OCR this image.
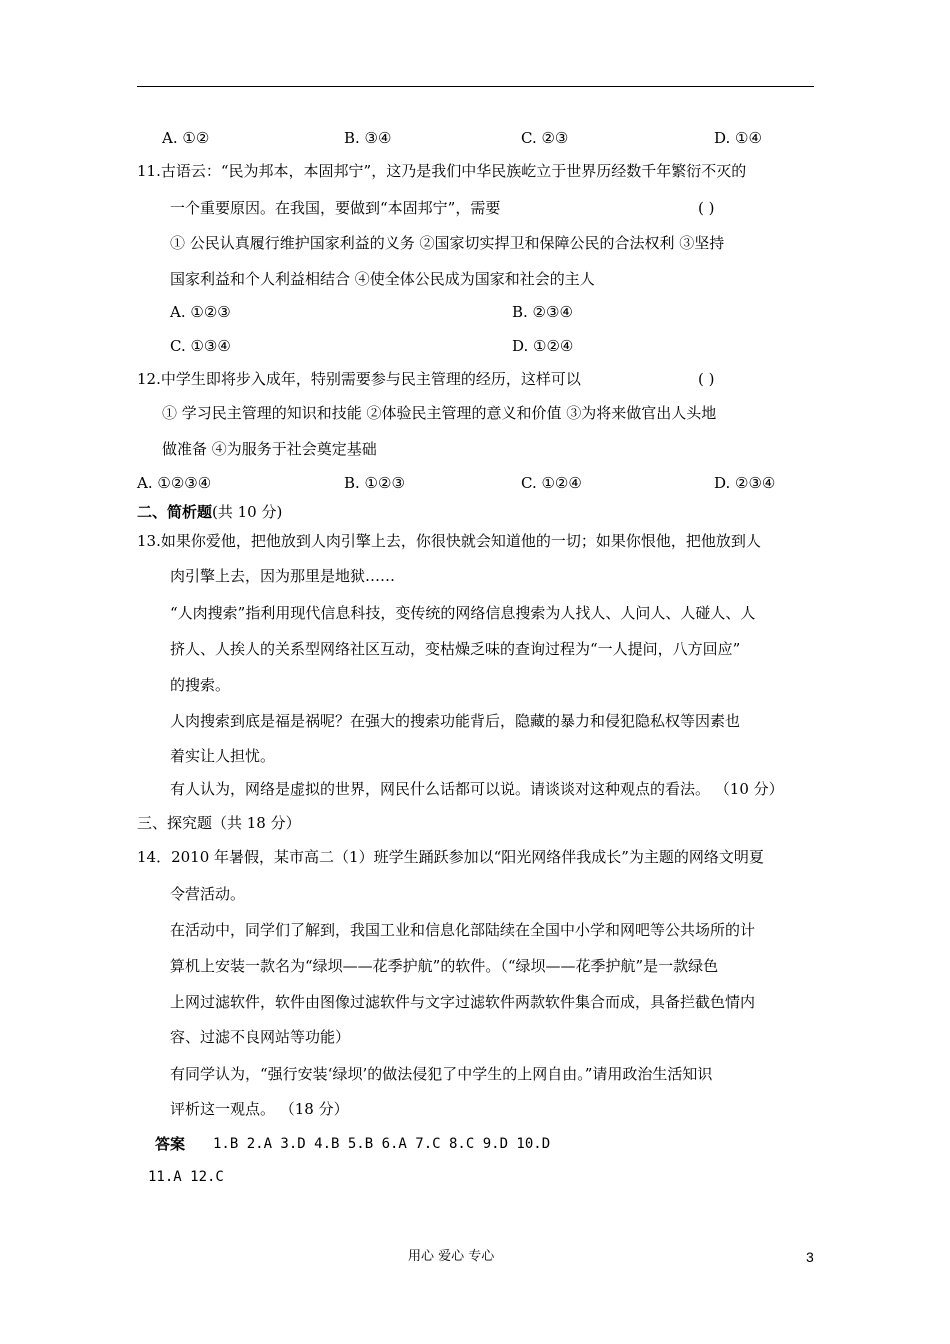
A. ①②	B. ③④	C. ②③	D. ①④
11.古语云：“民为邦本，本固邦宁”，这乃是我们中华民族屹立于世界历经数千年繁衍不灭的
一个重要原因。在我国，要做到“本固邦宁”，需要	( )
① 公民认真履行维护国家利益的义务 ②国家切实捍卫和保障公民的合法权利 ③坚持
国家利益和个人利益相结合 ④使全体公民成为国家和社会的主人
A. ①②③	B. ②③④
C. ①③④	D. ①②④
12.中学生即将步入成年，特别需要参与民主管理的经历，这样可以	( )
① 学习民主管理的知识和技能 ②体验民主管理的意义和价值 ③为将来做官出人头地
做准备 ④为服务于社会奠定基础
A. ①②③④	B. ①②③	C. ①②④	D. ②③④
二、简析题(共 10 分)
13.如果你爱他，把他放到人肉引擎上去，你很快就会知道他的一切；如果你恨他，把他放到人
肉引擎上去，因为那里是地狱……
“人肉搜索”指利用现代信息科技，变传统的网络信息搜索为人找人、人问人、人碰人、人
挤人、人挨人的关系型网络社区互动，变枯燥乏味的查询过程为“一人提问，八方回应”
的搜索。
人肉搜索到底是福是祸呢？在强大的搜索功能背后，隐藏的暴力和侵犯隐私权等因素也
着实让人担忧。
有人认为，网络是虚拟的世界，网民什么话都可以说。请谈谈对这种观点的看法。 （10 分）
三、探究题（共 18 分）
14．2010 年暑假，某市高二（1）班学生踊跃参加以“阳光网络伴我成长”为主题的网络文明夏
令营活动。
在活动中，同学们了解到，我国工业和信息化部陆续在全国中小学和网吧等公共场所的计
算机上安装一款名为“绿坝——花季护航”的软件。（“绿坝——花季护航”是一款绿色
上网过滤软件，软件由图像过滤软件与文字过滤软件两款软件集合而成，具备拦截色情内
容、过滤不良网站等功能）
有同学认为，“强行安装‘绿坝’的做法侵犯了中学生的上网自由。”请用政治生活知识
评析这一观点。 （18 分）
答案 1.B 2.A 3.D 4.B 5.B 6.A 7.C 8.C 9.D 10.D
11.A 12.C
用心 爱心 专心	3
